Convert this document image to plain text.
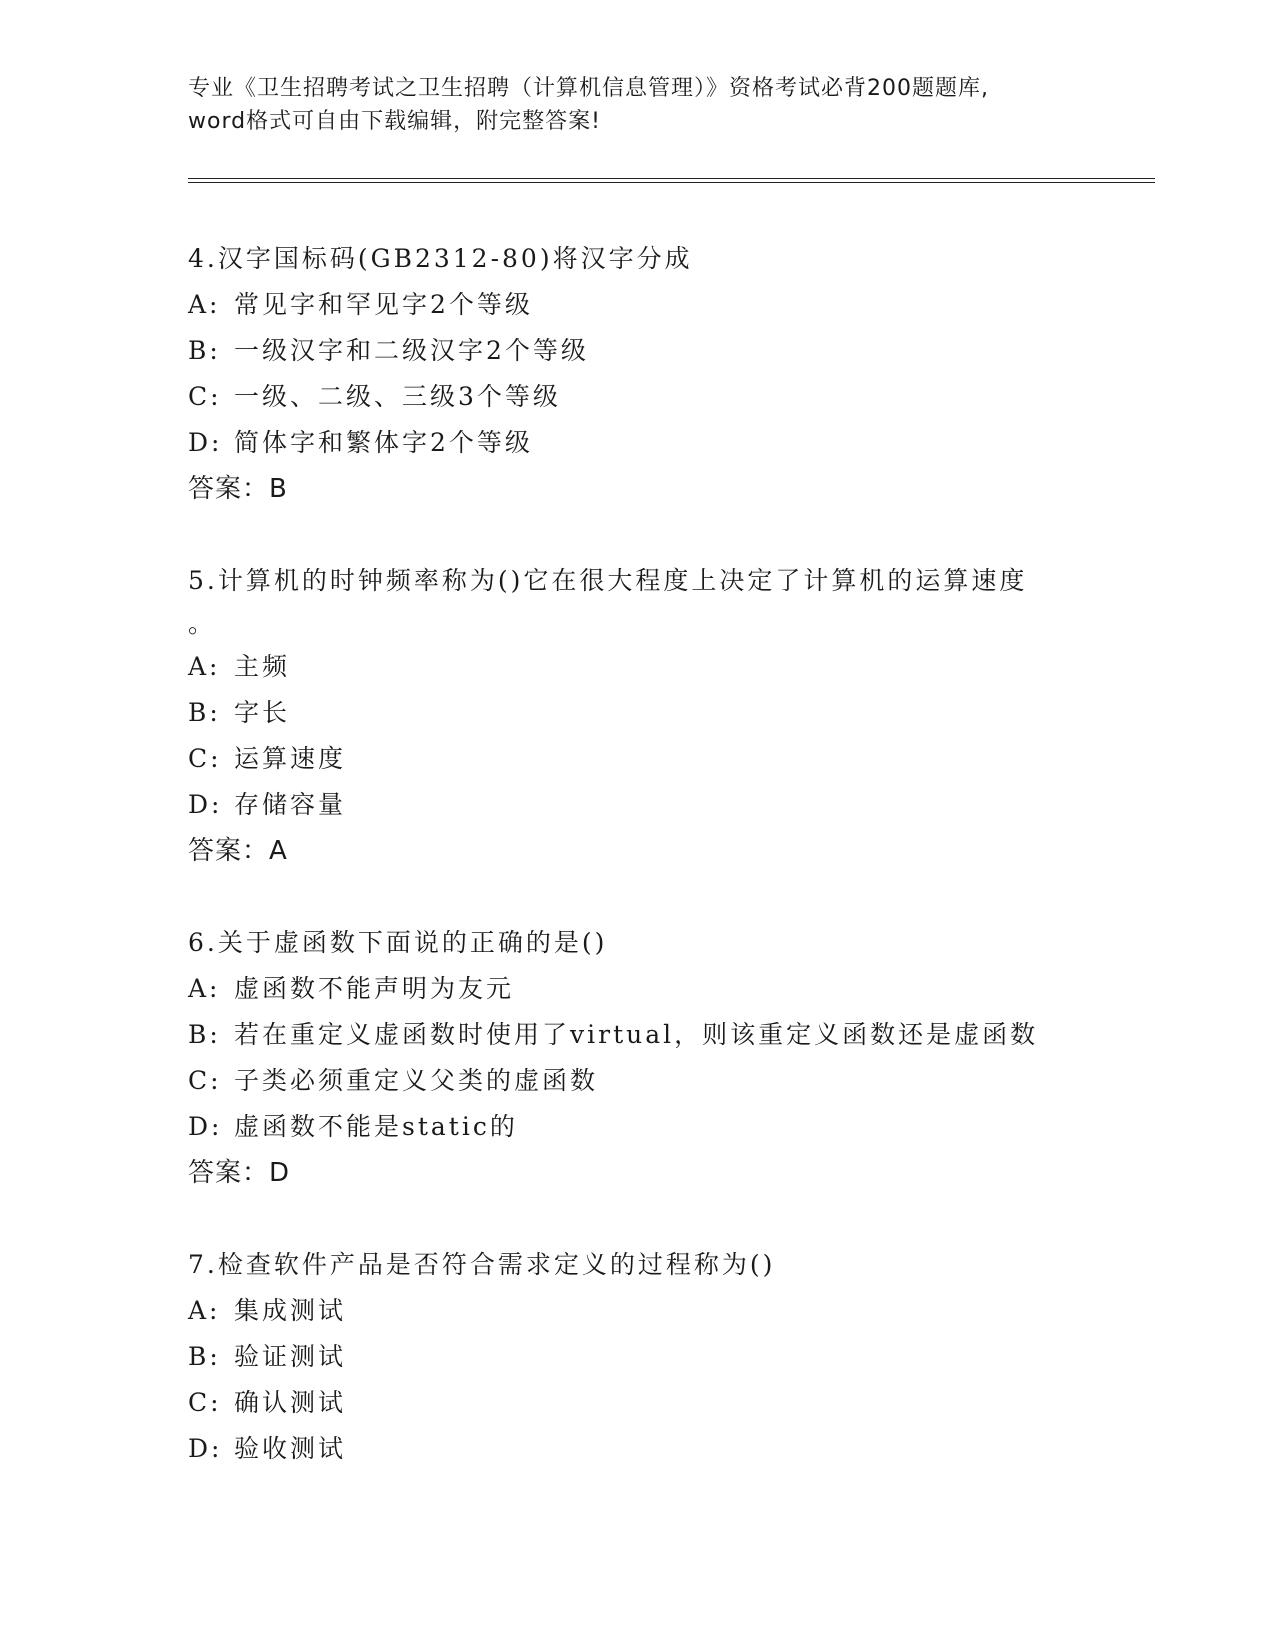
专业《卫生招聘考试之卫生招聘（计算机信息管理）》资格考试必背200题题库,
word格式可自由下载编辑，附完整答案!
4.汉字国标码(GB2312-80)将汉字分成
A: 常见字和罕见字2个等级
B: 一级汉字和二级汉字2个等级
C: 一级、二级、三级3个等级
D: 简体字和繁体字2个等级
答案：B
5.计算机的时钟频率称为()它在很大程度上决定了计算机的运算速度
。
A: 主频
B: 字长
C: 运算速度
D: 存储容量
答案：A
6.关于虚函数下面说的正确的是()
A: 虚函数不能声明为友元
B: 若在重定义虚函数时使用了virtual，则该重定义函数还是虚函数
C: 子类必须重定义父类的虚函数
D: 虚函数不能是static的
答案：D
7.检查软件产品是否符合需求定义的过程称为()
A: 集成测试
B: 验证测试
C: 确认测试
D: 验收测试
